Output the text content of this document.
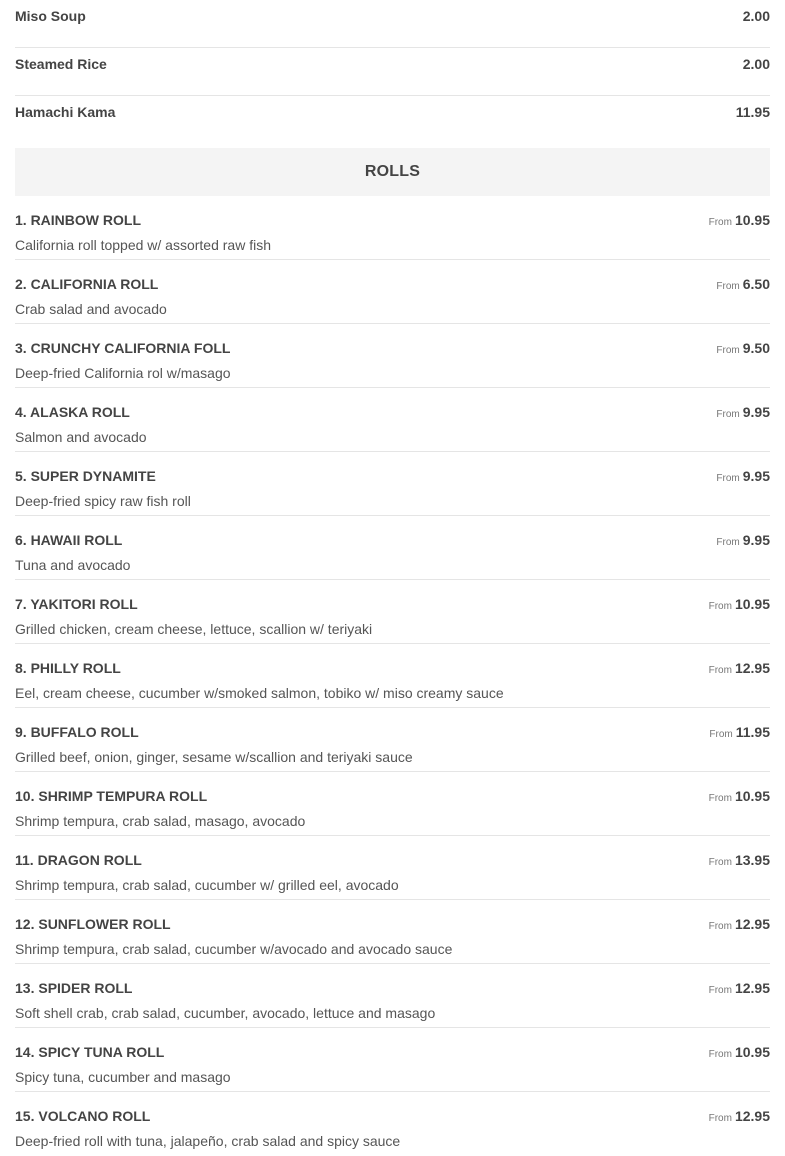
Miso Soup	2.00
Steamed Rice	2.00
Hamachi Kama	11.95
ROLLS
1. RAINBOW ROLL	From 10.95
California roll topped w/ assorted raw fish
2. CALIFORNIA ROLL	From 6.50
Crab salad and avocado
3. CRUNCHY CALIFORNIA FOLL	From 9.50
Deep-fried California rol w/masago
4. ALASKA ROLL	From 9.95
Salmon and avocado
5. SUPER DYNAMITE	From 9.95
Deep-fried spicy raw fish roll
6. HAWAII ROLL	From 9.95
Tuna and avocado
7. YAKITORI ROLL	From 10.95
Grilled chicken, cream cheese, lettuce, scallion w/ teriyaki
8. PHILLY ROLL	From 12.95
Eel, cream cheese, cucumber w/smoked salmon, tobiko w/ miso creamy sauce
9. BUFFALO ROLL	From 11.95
Grilled beef, onion, ginger, sesame w/scallion and teriyaki sauce
10. SHRIMP TEMPURA ROLL	From 10.95
Shrimp tempura, crab salad, masago, avocado
11. DRAGON ROLL	From 13.95
Shrimp tempura, crab salad, cucumber w/ grilled eel, avocado
12. SUNFLOWER ROLL	From 12.95
Shrimp tempura, crab salad, cucumber w/avocado and avocado sauce
13. SPIDER ROLL	From 12.95
Soft shell crab, crab salad, cucumber, avocado, lettuce and masago
14. SPICY TUNA ROLL	From 10.95
Spicy tuna, cucumber and masago
15. VOLCANO ROLL	From 12.95
Deep-fried roll with tuna, jalapeño, crab salad and spicy sauce
